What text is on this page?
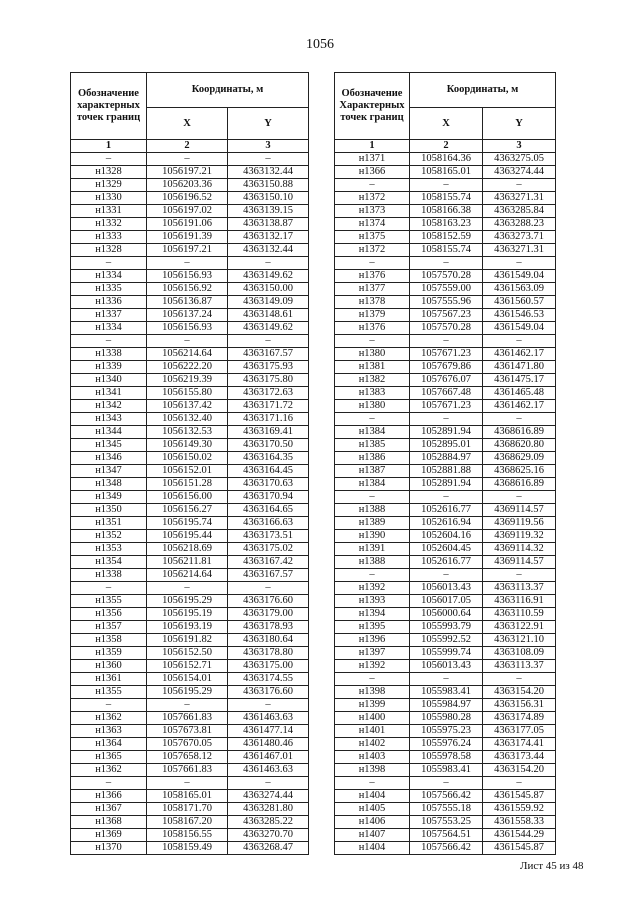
1056
Обозначение характерных точек границ	Координаты, м	
	X	Y
1	2	3
–	–	–
н1328	1056197.21	4363132.44
н1329	1056203.36	4363150.88
н1330	1056196.52	4363150.10
н1331	1056197.02	4363139.15
н1332	1056191.06	4363138.87
н1333	1056191.39	4363132.17
н1328	1056197.21	4363132.44
–	–	–
н1334	1056156.93	4363149.62
н1335	1056156.92	4363150.00
н1336	1056136.87	4363149.09
н1337	1056137.24	4363148.61
н1334	1056156.93	4363149.62
–	–	–
н1338	1056214.64	4363167.57
н1339	1056222.20	4363175.93
н1340	1056219.39	4363175.80
н1341	1056155.80	4363172.63
н1342	1056137.42	4363171.72
н1343	1056132.40	4363171.16
н1344	1056132.53	4363169.41
н1345	1056149.30	4363170.50
н1346	1056150.02	4363164.35
н1347	1056152.01	4363164.45
н1348	1056151.28	4363170.63
н1349	1056156.00	4363170.94
н1350	1056156.27	4363164.65
н1351	1056195.74	4363166.63
н1352	1056195.44	4363173.51
н1353	1056218.69	4363175.02
н1354	1056211.81	4363167.42
н1338	1056214.64	4363167.57
–	–	–
н1355	1056195.29	4363176.60
н1356	1056195.19	4363179.00
н1357	1056193.19	4363178.93
н1358	1056191.82	4363180.64
н1359	1056152.50	4363178.80
н1360	1056152.71	4363175.00
н1361	1056154.01	4363174.55
н1355	1056195.29	4363176.60
–	–	–
н1362	1057661.83	4361463.63
н1363	1057673.81	4361477.14
н1364	1057670.05	4361480.46
н1365	1057658.12	4361467.01
н1362	1057661.83	4361463.63
–	–	–
н1366	1058165.01	4363274.44
н1367	1058171.70	4363281.80
н1368	1058167.20	4363285.22
н1369	1058156.55	4363270.70
н1370	1058159.49	4363268.47
Обозначение Характерных точек границ	Координаты, м	
	X	Y
1	2	3
н1371	1058164.36	4363275.05
н1366	1058165.01	4363274.44
–	–	–
н1372	1058155.74	4363271.31
н1373	1058166.38	4363285.84
н1374	1058163.23	4363288.23
н1375	1058152.59	4363273.71
н1372	1058155.74	4363271.31
–	–	–
н1376	1057570.28	4361549.04
н1377	1057559.00	4361563.09
н1378	1057555.96	4361560.57
н1379	1057567.23	4361546.53
н1376	1057570.28	4361549.04
–	–	–
н1380	1057671.23	4361462.17
н1381	1057679.86	4361471.80
н1382	1057676.07	4361475.17
н1383	1057667.48	4361465.48
н1380	1057671.23	4361462.17
–	–	–
н1384	1052891.94	4368616.89
н1385	1052895.01	4368620.80
н1386	1052884.97	4368629.09
н1387	1052881.88	4368625.16
н1384	1052891.94	4368616.89
–	–	–
н1388	1052616.77	4369114.57
н1389	1052616.94	4369119.56
н1390	1052604.16	4369119.32
н1391	1052604.45	4369114.32
н1388	1052616.77	4369114.57
–	–	–
н1392	1056013.43	4363113.37
н1393	1056017.05	4363116.91
н1394	1056000.64	4363110.59
н1395	1055993.79	4363122.91
н1396	1055992.52	4363121.10
н1397	1055999.74	4363108.09
н1392	1056013.43	4363113.37
–	–	–
н1398	1055983.41	4363154.20
н1399	1055984.97	4363156.31
н1400	1055980.28	4363174.89
н1401	1055975.23	4363177.05
н1402	1055976.24	4363174.41
н1403	1055978.58	4363173.44
н1398	1055983.41	4363154.20
–	–	–
н1404	1057566.42	4361545.87
н1405	1057555.18	4361559.92
н1406	1057553.25	4361558.33
н1407	1057564.51	4361544.29
н1404	1057566.42	4361545.87
Лист 45 из 48
